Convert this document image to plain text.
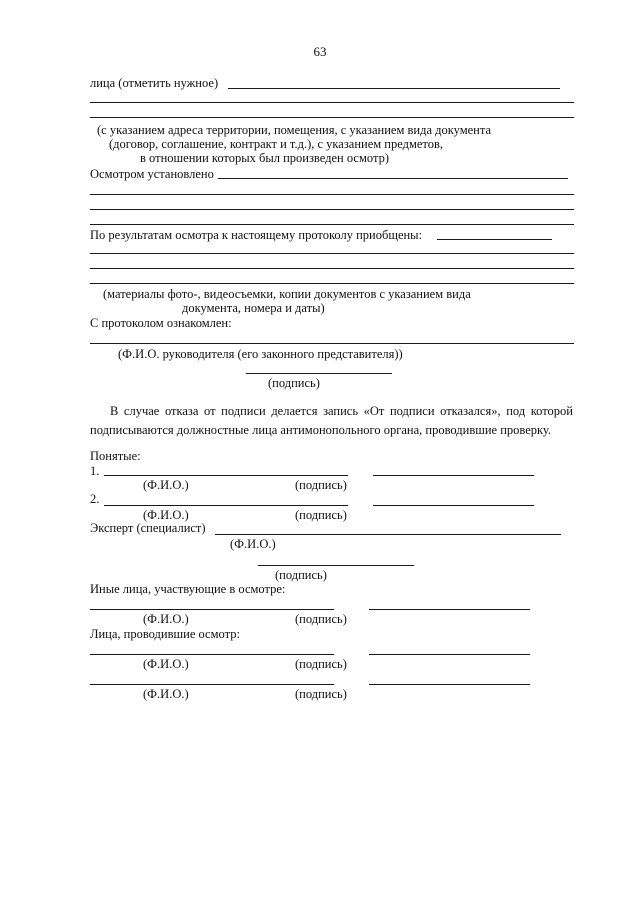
63
лица (отметить нужное)
(с указанием адреса территории, помещения, с указанием вида документа
(договор, соглашение, контракт и т.д.), с указанием предметов,
в отношении которых был произведен осмотр)
Осмотром установлено
По результатам осмотра к настоящему протоколу приобщены:
(материалы фото-, видеосъемки, копии документов с указанием вида
документа, номера и даты)
С протоколом ознакомлен:
(Ф.И.О. руководителя (его законного представителя))
(подпись)
В случае отказа от подписи делается запись «От подписи отказался», под которой подписываются должностные лица антимонопольного органа, проводившие проверку.
Понятые:
1.
(Ф.И.О.)	(подпись)
2.
(Ф.И.О.)	(подпись)
Эксперт (специалист)
(Ф.И.О.)
(подпись)
Иные лица, участвующие в осмотре:
(Ф.И.О.)	(подпись)
Лица, проводившие осмотр:
(Ф.И.О.)	(подпись)
(Ф.И.О.)	(подпись)
